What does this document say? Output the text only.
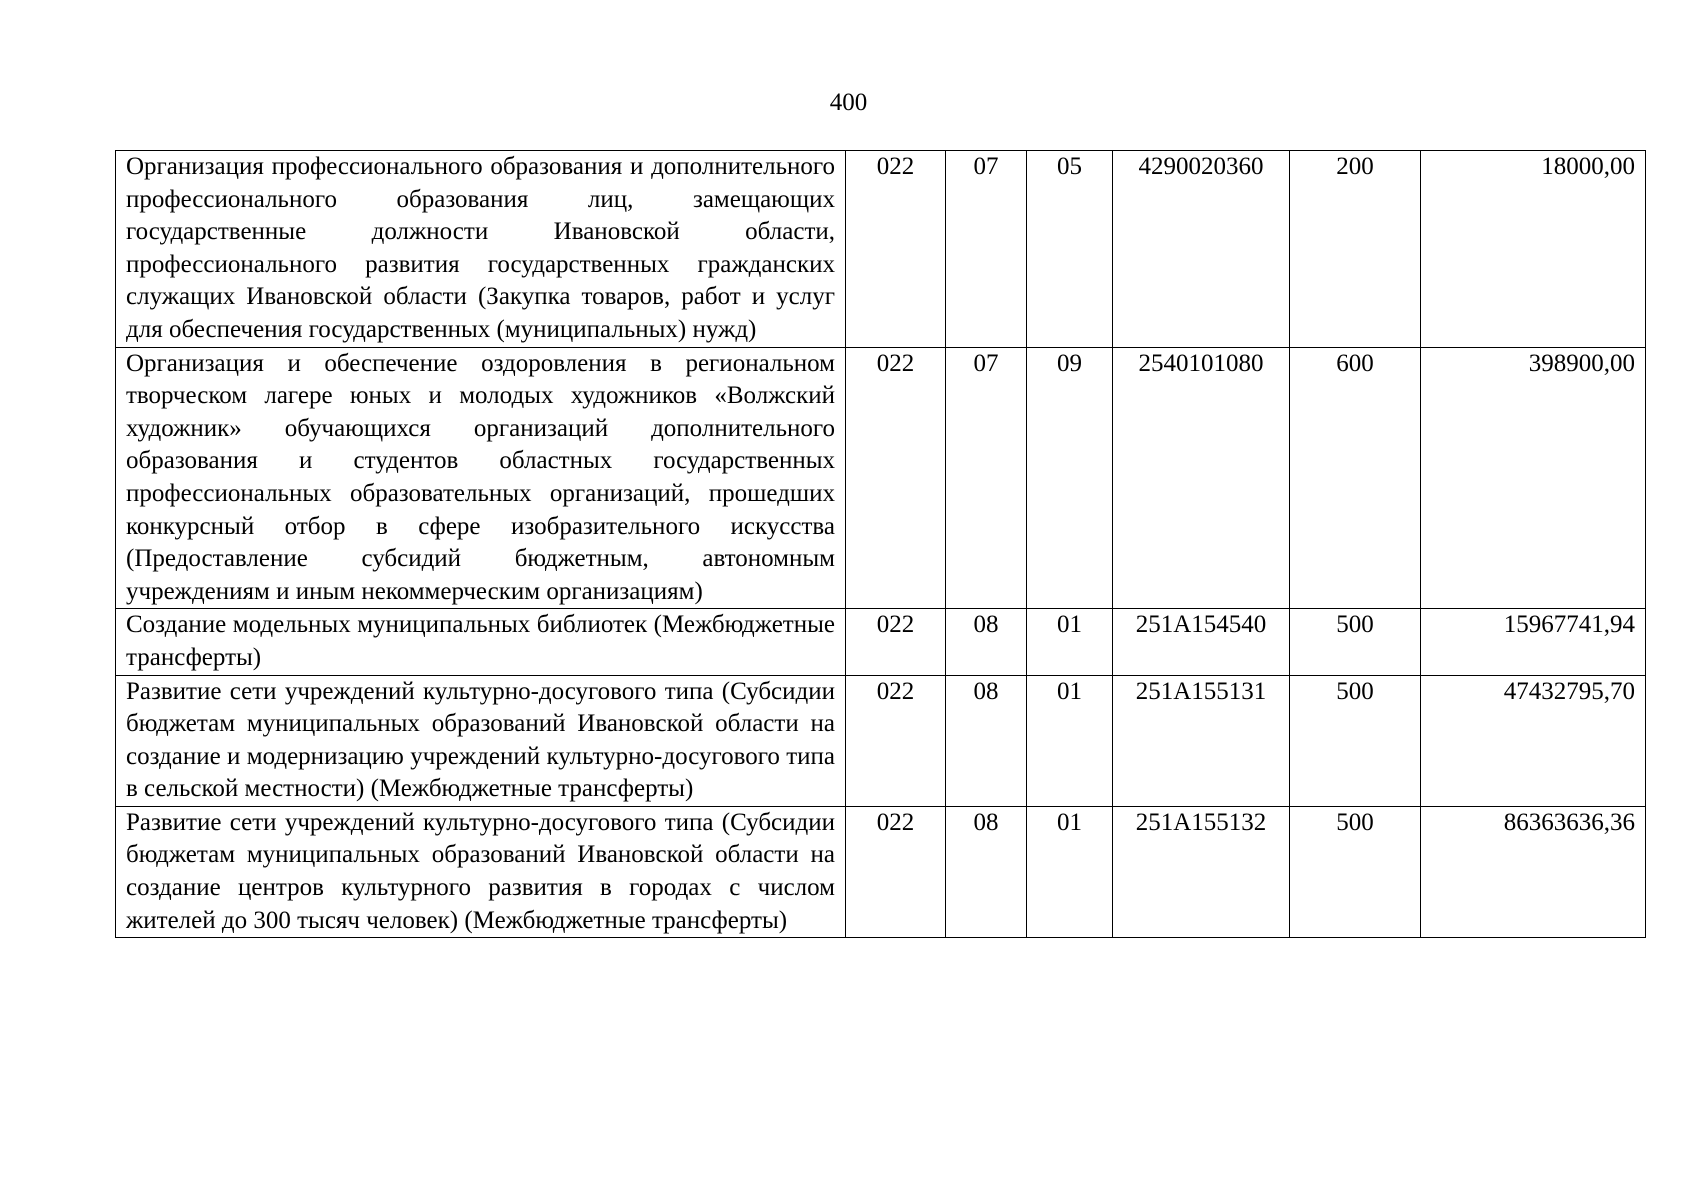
400
Организация профессионального образования и дополнительного профессионального образования лиц, замещающих государственные должности Ивановской области, профессионального развития государственных гражданских служащих Ивановской области (Закупка товаров, работ и услуг для обеспечения государственных (муниципальных) нужд)	022	07	05	4290020360	200	18000,00
Организация и обеспечение оздоровления в региональном творческом лагере юных и молодых художников «Волжский художник» обучающихся организаций дополнительного образования и студентов областных государственных профессиональных образовательных организаций, прошедших конкурсный отбор в сфере изобразительного искусства (Предоставление субсидий бюджетным, автономным учреждениям и иным некоммерческим организациям)	022	07	09	2540101080	600	398900,00
Создание модельных муниципальных библиотек (Межбюджетные трансферты)	022	08	01	251A154540	500	15967741,94
Развитие сети учреждений культурно-досугового типа (Субсидии бюджетам муниципальных образований Ивановской области на создание и модернизацию учреждений культурно-досугового типа в сельской местности) (Межбюджетные трансферты)	022	08	01	251A155131	500	47432795,70
Развитие сети учреждений культурно-досугового типа (Субсидии бюджетам муниципальных образований Ивановской области на создание центров культурного развития в городах с числом жителей до 300 тысяч человек) (Межбюджетные трансферты)	022	08	01	251A155132	500	86363636,36
